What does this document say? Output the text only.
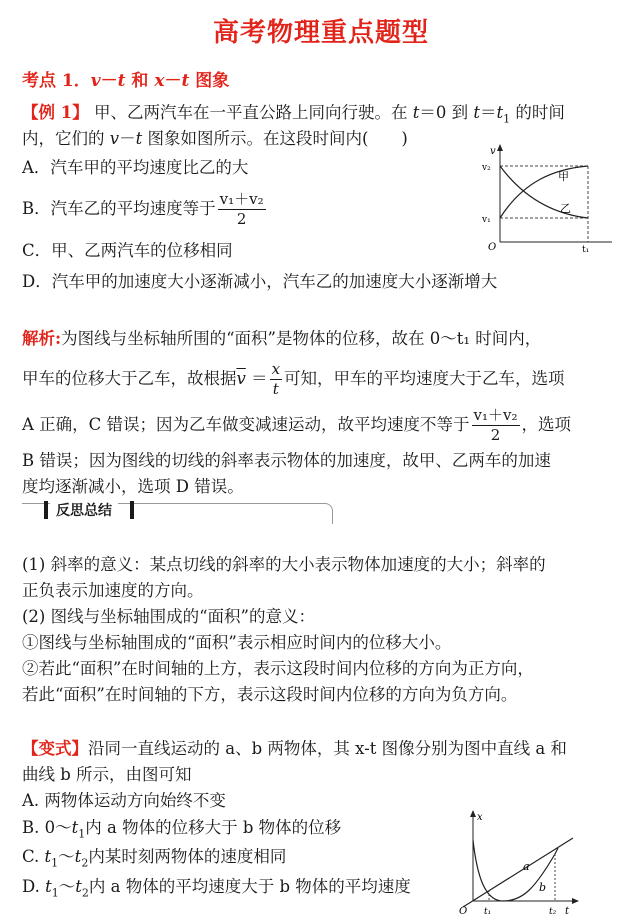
高考物理重点题型
考点 1．v－t 和 x－t 图象
【例 1】 甲、乙两汽车在一平直公路上同向行驶。在 t＝0 到 $t=t_1$ 的时间
内，它们的 v－t 图象如图所示。在这段时间内(　　)
A．汽车甲的平均速度比乙的大
B．汽车乙的平均速度等于 $\frac{\text{v₁＋v₂}}{2}$
C．甲、乙两汽车的位移相同
D．汽车甲的加速度大小逐渐减小，汽车乙的加速度大小逐渐增大
v
v₂
v₁
O	t₁
甲
乙
解析:为图线与坐标轴所围的“面积”是物体的位移，故在 0～t₁ 时间内，
甲车的位移大于乙车，故根据$\overline{v} = \frac{x}{t}$ 可知，甲车的平均速度大于乙车，选项
A 正确，C 错误；因为乙车做变减速运动，故平均速度不等于 $\frac{\text{v₁＋v₂}}{2}$ ，选项
B 错误；因为图线的切线的斜率表示物体的加速度，故甲、乙两车的加速
度均逐渐减小，选项 D 错误。
反思总结
(1) 斜率的意义：某点切线的斜率的大小表示物体加速度的大小；斜率的
正负表示加速度的方向。
(2) 图线与坐标轴围成的“面积”的意义：
①图线与坐标轴围成的“面积”表示相应时间内的位移大小。
②若此“面积”在时间轴的上方，表示这段时间内位移的方向为正方向，
若此“面积”在时间轴的下方，表示这段时间内位移的方向为负方向。
【变式】沿同一直线运动的 a、b 两物体，其 x-t 图像分别为图中直线 a 和
曲线 b 所示，由图可知
A. 两物体运动方向始终不变
B. $0\sim t_1$内 a 物体的位移大于 b 物体的位移
C. $t_1\sim t_2$内某时刻两物体的速度相同
D. $t_1\sim t_2$内 a 物体的平均速度大于 b 物体的平均速度
x
O t₁	t₂ t
a
b
